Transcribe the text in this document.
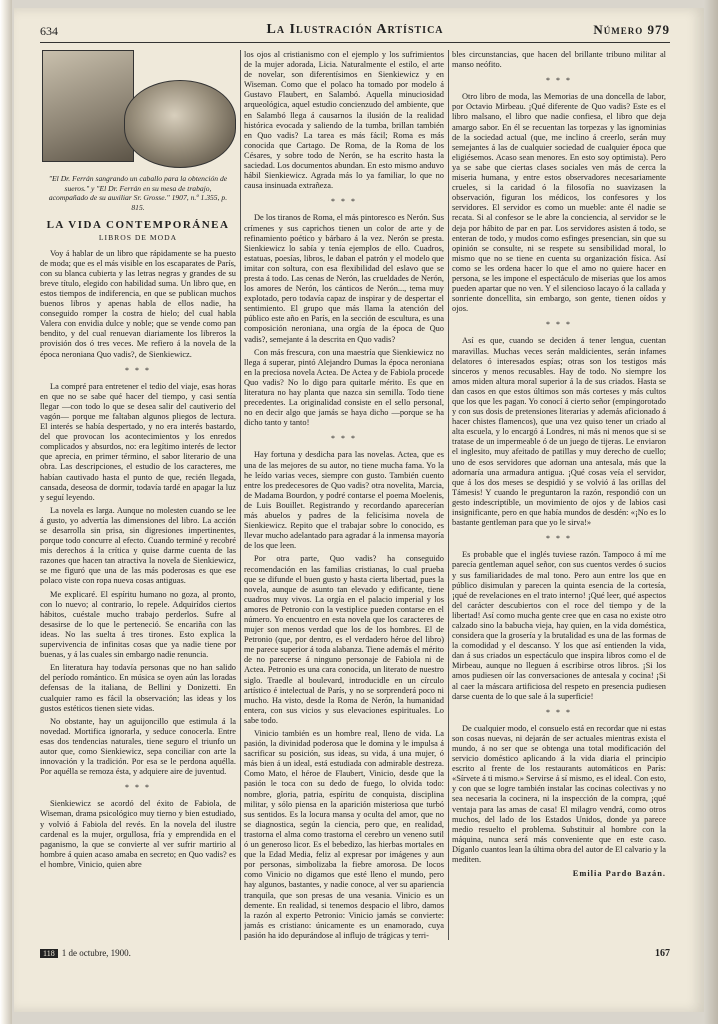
634	La Ilustración Artística	Número 979
"El Dr. Ferrán sangrando un caballo para la obtención de sueros." y "El Dr. Ferrán en su mesa de trabajo, acompañado de su auxiliar Sr. Grosse." 1907, n.º 1.355, p. 815.
LA VIDA CONTEMPORÁNEA
LIBROS DE MODA

Voy á hablar de un libro que rápidamente se ha puesto de moda; que es el más visible en los escaparates de París, con su blanca cubierta y las letras negras y grandes de su breve título, elegido con habilidad suma. Un libro que, en estos tiempos de indiferencia, en que se publican muchos buenos libros y apenas habla de ellos nadie, ha conseguido romper la costra de hielo; del cual habla Valera con envidia dulce y noble; que se vende como pan bendito, y del cual renuevan diariamente los libreros la provisión dos ó tres veces. Me refiero á la novela de la época neroniana Quo vadis?, de Sienkiewicz.

* * *

La compré para entretener el tedio del viaje, esas horas en que no se sabe qué hacer del tiempo, y casi sentía llegar —con todo lo que se desea salir del cautiverio del vagón— porque me faltaban algunos pliegos de lectura. El interés se había despertado, y no era interés bastardo, del que provocan los acontecimientos y los enredos complicados y absurdos, no: era legítimo interés de lector que aprecia, en primer término, el sabor literario de una obra. Las descripciones, el estudio de los caracteres, me habían cautivado hasta el punto de que, recién llegada, cansada, deseosa de dormir, todavía tardé en apagar la luz y seguí leyendo.

La novela es larga. Aunque no molesten cuando se lee á gusto, yo advertía las dimensiones del libro. La acción se desarrolla sin prisa, sin digresiones impertinentes, porque todo concurre al efecto. Cuando terminé y recobré mis derechos á la crítica y quise darme cuenta de las razones que hacen tan atractiva la novela de Sienkiewicz, se me figuró que una de las más poderosas es que ese polaco viste con ropa nueva cosas antiguas.

Me explicaré. El espíritu humano no goza, al pronto, con lo nuevo; al contrario, lo repele. Adquirídos ciertos hábitos, cuéstale mucho trabajo perderlos. Sufre al desasirse de lo que le perteneció. Se encariña con las ideas. No las suelta á tres tirones. Esto explica la supervivencia de infinitas cosas que ya nadie tiene por buenas, y á las cuales sin embargo nadie renuncia.

En literatura hay todavía personas que no han salido del período romántico. En música se oyen aún las loradas defensas de la italiana, de Bellini y Donizetti. En cualquier ramo es fácil la observación; las ideas y los gustos estéticos tienen siete vidas.

No obstante, hay un aguijoncillo que estimula á la novedad. Mortifica ignorarla, y seduce conocerla. Entre esas dos tendencias naturales, tiene seguro el triunfo un autor que, como Sienkiewicz, sepa conciliar con arte la innovación y la tradición. Por esa se le perdona aquélla. Por aquélla se remoza ésta, y adquiere aire de juventud.

* * *

Sienkiewicz se acordó del éxito de Fabiola, de Wiseman, drama psicológico muy tierno y bien estudiado, y volvió á Fabiola del revés. En la novela del ilustre cardenal es la mujer, orgullosa, fría y emprendida en el paganismo, la que se convierte al ver sufrir martirio al hombre á quien acaso amaba en secreto; en Quo vadis? es el hombre, Vinicio, quien abre

los ojos al cristianismo con el ejemplo y los sufrimientos de la mujer adorada, Licia. Naturalmente el estilo, el arte de novelar, son diferentísimos en Sienkiewicz y en Wiseman. Como que el polaco ha tomado por modelo á Gustavo Flaubert, en Salambó. Aquella minuciosidad arqueológica, aquel estudio concienzudo del ambiente, que en Salambó llega á causarnos la ilusión de la realidad histórica evocada y saliendo de la tumba, brillan también en Quo vadis? La tarea es más fácil; Roma es más conocida que Cartago. De Roma, de la Roma de los Césares, y sobre todo de Nerón, se ha escrito hasta la saciedad. Los documentos abundan. En esto mismo anduvo hábil Sienkiewicz. Agrada más lo ya familiar, lo que no causa insinuada extrañeza.

* * *

De los tiranos de Roma, el más pintoresco es Nerón. Sus crímenes y sus caprichos tienen un color de arte y de refinamiento poético y bárbaro á la vez. Nerón se presta. Sienkiewicz lo sabía y tenía ejemplos de ello. Cuadros, estatuas, poesías, libros, le daban el patrón y el modelo que imitar con soltura, con esa flexibilidad del eslavo que se presta á todo. Las cenas de Nerón, las crueldades de Nerón, los amores de Nerón, los cánticos de Nerón..., tema muy explotado, pero todavía capaz de inspirar y de despertar el sentimiento. El grupo que más llama la atención del público este año en París, en la sección de escultura, es una composición neroniana, una orgía de la época de Quo vadis?, semejante á la descrita en Quo vadis?

Con más frescura, con una maestría que Sienkiewicz no llega á superar, pintó Alejandro Dumas la época neroniana en la preciosa novela Actea. De Actea y de Fabiola procede Quo vadis? No lo digo para quitarle mérito. Es que en literatura no hay planta que nazca sin semilla. Todo tiene precedentes. La originalidad consiste en el sello personal, no en decir algo que jamás se haya dicho —porque se ha dicho tanto y tanto!

* * *

Hay fortuna y desdicha para las novelas. Actea, que es una de las mejores de su autor, no tiene mucha fama. Yo la he leído varias veces, siempre con gusto. También cuento entre los predecesores de Quo vadis? otra novelita, Marcia, de Madama Bourdon, y podré contarse el poema Moelenis, de Luis Bouillet. Registrando y recordando aparecerían más abuelos y padres de la felicísima novela de Sienkiewicz. Repito que el trabajar sobre lo conocido, es llevar mucho adelantado para agradar á la inmensa mayoría de los que leen.

Por otra parte, Quo vadis? ha conseguido recomendación en las familias cristianas, lo cual prueba que se difunde el buen gusto y hasta cierta libertad, pues la novela, aunque de asunto tan elevado y edificante, tiene cuadros muy vivos. La orgía en el palacio imperial y los amores de Petronio con la vestiplice pueden contarse en el número. Yo encuentro en esta novela que los caracteres de mujer son menos verdad que los de los hombres. El de Petronio (que, por dentro, es el verdadero héroe del libro) me parece superior á toda alabanza. Tiene además el mérito de no parecerse á ninguno personaje de Fabiola ni de Actea. Petronio es una cara conocida, un literato de nuestro siglo. Traedle al boulevard, introducidle en un círculo artístico é intelectual de París, y no se sorprenderá poco ni mucho. Ha visto, desde la Roma de Nerón, la humanidad entera, con sus vicios y sus elevaciones espirituales. Lo sabe todo.

Vinicio también es un hombre real, lleno de vida. La pasión, la divinidad poderosa que le domina y le impulsa á sacrificar su posición, sus ideas, su vida, á una mujer, ó más bien á un ideal, está estudiada con admirable destreza. Como Mato, el héroe de Flaubert, Vinicio, desde que la pasión le toca con su dedo de fuego, lo olvida todo: nombre, gloria, patria, espíritu de conquista, disciplina militar, y sólo piensa en la aparición misteriosa que turbó sus sentidos. Es la locura mansa y oculta del amor, que no se diagnostica, según la ciencia, pero que, en realidad, trastorna el alma como trastorna el cerebro un veneno sutil ó un generoso licor. Es el bebedizo, las hierbas mortales en que la Edad Media, feliz al expresar por imágenes y aun por personas, simbolizaba la fiebre amorosa. De locos como Vinicio no digamos que esté lleno el mundo, pero hay algunos, bastantes, y nadie conoce, al ver su apariencia tranquila, que son presas de una vesania. Vinicio es un demente. En realidad, si tenemos despacio el libro, damos la razón al experto Petronio: Vinicio jamás se convierte: jamás es cristiano: únicamente es un enamorado, cuya pasión ha ido depurándose al influjo de trágicas y terri-

bles circunstancias, que hacen del brillante tribuno militar al manso neófito.

* * *

Otro libro de moda, las Memorias de una doncella de labor, por Octavio Mirbeau. ¡Qué diferente de Quo vadis? Este es el libro malsano, el libro que nadie confiesa, el libro que deja amargo sabor. En él se recuentan las torpezas y las ignominias de la sociedad actual (que, me inclino á creerlo, serán muy semejantes á las de cualquier sociedad de cualquier época que eligiésemos. Acaso sean menores. En esto soy optimista). Pero ya se sabe que ciertas clases sociales ven más de cerca la miseria humana, y entre estos observadores necesariamente crueles, si la caridad ó la filosofía no suavizasen la observación, figuran los médicos, los confesores y los servidores. El servidor es como un mueble: ante él nadie se recata. Si al confesor se le abre la conciencia, al servidor se le deja por hábito de par en par. Los servidores asisten á todo, se enteran de todo, y mudos como esfinges presencian, sin que su opinión se consulte, ni se respete su sensibilidad moral, lo mismo que no se tiene en cuenta su organización física. Así como se les ordena hacer lo que el amo no quiere hacer en persona, se les impone el espectáculo de miserias que los amos pueden apartar que no ven. Y el silencioso lacayo ó la callada y sonriente doncellita, sin embargo, son gente, tienen oídos y ojos.

* * *

Así es que, cuando se deciden á tener lengua, cuentan maravillas. Muchas veces serán maldicientes, serán infames delatores ó interesados espías; otras son los testigos más sinceros y menos recusables. Hay de todo. No siempre los amos miden altura moral superior á la de sus criados. Hasta se dan casos en que estos últimos son más corteses y más cultos que los que les pagan. Yo conocí á cierto señor (empingorotado y con sus dosis de pretensiones literarias y además aficionado á hacer chistes flamencos), que una vez quiso tener un criado al alta escuela, y lo encargó á Londres, ni más ni menos que si se tratase de un impermeable ó de un juego de tijeras. Le enviaron el inglesito, muy afeitado de patillas y muy derecho de cuello; uno de esos servidores que adornan una antesala, más que la adornaría una armadura antigua. ¡Qué cosas veía el servidor, que á los dos meses se despidió y se volvió á las orillas del Támesis! Y cuando le preguntaron la razón, respondió con un gesto indescriptible, un movimiento de ojos y de labios casi insignificante, pero en que había mundos de desdén: «¡No es lo bastante gentleman para que yo le sirva!»

* * *

Es probable que el inglés tuviese razón. Tampoco á mí me parecía gentleman aquel señor, con sus cuentos verdes ó sucios y sus familiaridades de mal tono. Pero aun entre los que en público disimulan y parecen la quinta esencia de la cortesía, ¡qué de revelaciones en el trato interno! ¡Qué leer, qué aspectos del carácter descubiertos con el roce del tiempo y de la libertad! Así como mucha gente cree que en casa no existe otro calzado sino la babucha vieja, hay quien, en la vida doméstica, considera que la grosería y la brutalidad es una de las formas de la comodidad y el descanso. Y los que así entienden la vida, dan á sus criados un espectáculo que inspira libros como el de Mirbeau, aunque no lleguen á escribirse otros libros. ¡Si los amos pudiesen oír las conversaciones de antesala y cocina! ¡Si al caer la máscara artificiosa del respeto en presencia pudiesen darse cuenta de lo que sale á la superficie!

* * *

De cualquier modo, el consuelo está en recordar que ni estas son cosas nuevas, ni dejarán de ser actuales mientras exista el mundo, á no ser que se obtenga una total modificación del servicio doméstico aplicando á la vida diaria el principio escrito al frente de los restaurants automáticos en París: «Sírvete á ti mismo.» Servirse á sí mismo, es el ideal. Con esto, y con que se logre también instalar las cocinas colectivas y no sea necesaria la cocinera, ni la inspección de la compra, ¡qué ventaja para las amas de casa! El milagro vendrá, como otros muchos, del lado de los Estados Unidos, donde ya parece medio resuelto el problema. Substituir al hombre con la máquina, nunca será más conveniente que en este caso. Díganlo cuantos lean la última obra del autor de El calvario y la mediten.

Emilia Pardo Bazán.
118 1 de octubre, 1900.	167
